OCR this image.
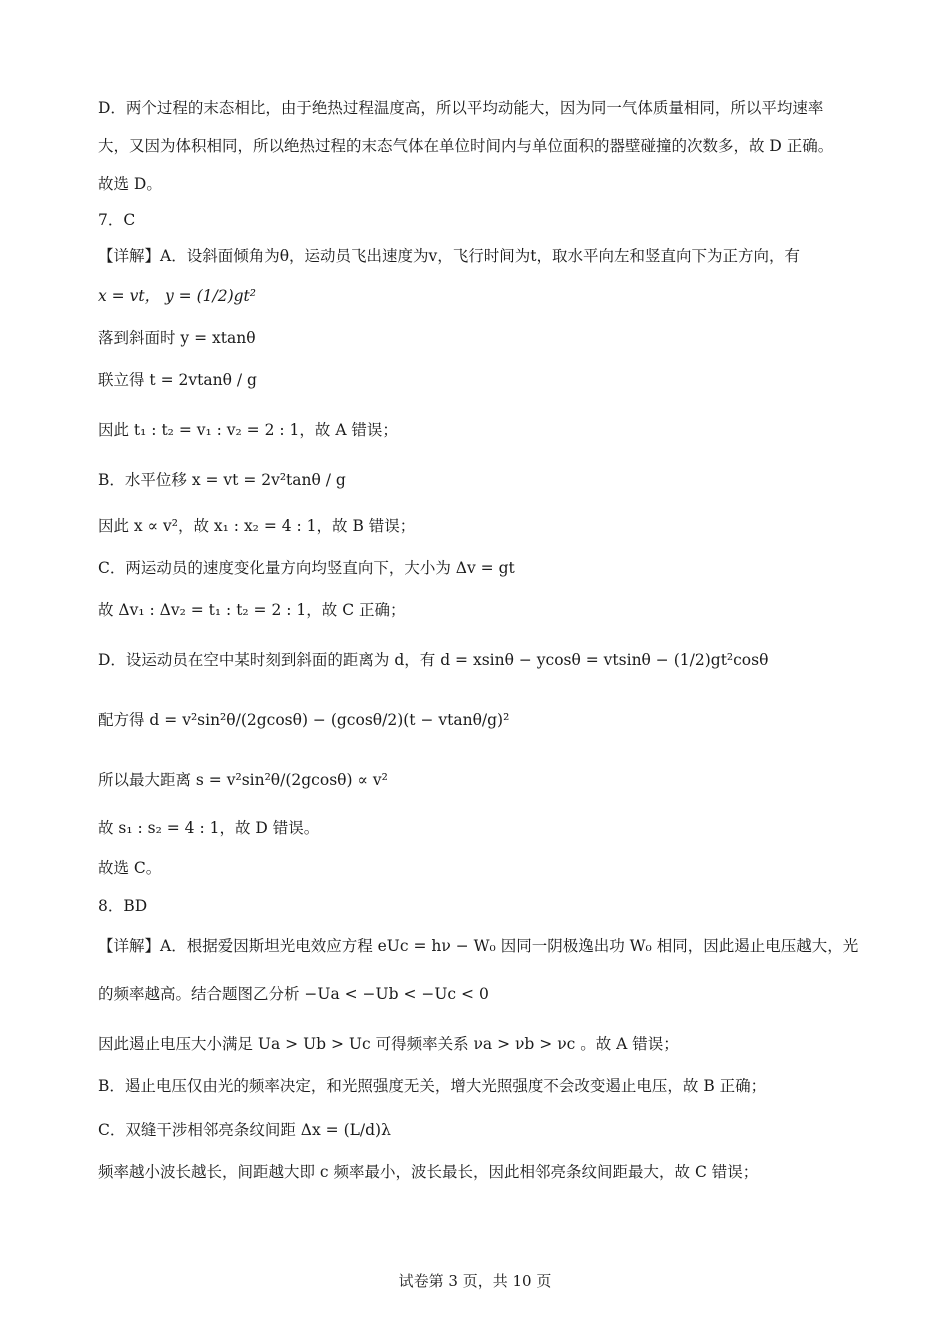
D．两个过程的末态相比，由于绝热过程温度高，所以平均动能大，因为同一气体质量相同，所以平均速率
大，又因为体积相同，所以绝热过程的末态气体在单位时间内与单位面积的器壁碰撞的次数多，故 D 正确。
故选 D。
7．C
【详解】A．设斜面倾角为θ，运动员飞出速度为v，飞行时间为t，取水平向左和竖直向下为正方向，有
x = vt， y = (1/2)gt²
落到斜面时 y = xtanθ
联立得 t = 2vtanθ / g
因此 t₁ : t₂ = v₁ : v₂ = 2 : 1，故 A 错误；
B．水平位移 x = vt = 2v²tanθ / g
因此 x ∝ v²，故 x₁ : x₂ = 4 : 1，故 B 错误；
C．两运动员的速度变化量方向均竖直向下，大小为 Δv = gt
故 Δv₁ : Δv₂ = t₁ : t₂ = 2 : 1，故 C 正确；
D．设运动员在空中某时刻到斜面的距离为 d，有 d = xsinθ − ycosθ = vtsinθ − (1/2)gt²cosθ
配方得 d = v²sin²θ/(2gcosθ) − (gcosθ/2)(t − vtanθ/g)²
所以最大距离 s = v²sin²θ/(2gcosθ) ∝ v²
故 s₁ : s₂ = 4 : 1，故 D 错误。
故选 C。
8．BD
【详解】A．根据爱因斯坦光电效应方程 eUc = hν − W₀ 因同一阴极逸出功 W₀ 相同，因此遏止电压越大，光
的频率越高。结合题图乙分析 −Ua < −Ub < −Uc < 0
因此遏止电压大小满足 Ua > Ub > Uc 可得频率关系 νa > νb > νc 。故 A 错误；
B．遏止电压仅由光的频率决定，和光照强度无关，增大光照强度不会改变遏止电压，故 B 正确；
C．双缝干涉相邻亮条纹间距 Δx = (L/d)λ
频率越小波长越长，间距越大即 c 频率最小，波长最长，因此相邻亮条纹间距最大，故 C 错误；
试卷第 3 页，共 10 页
